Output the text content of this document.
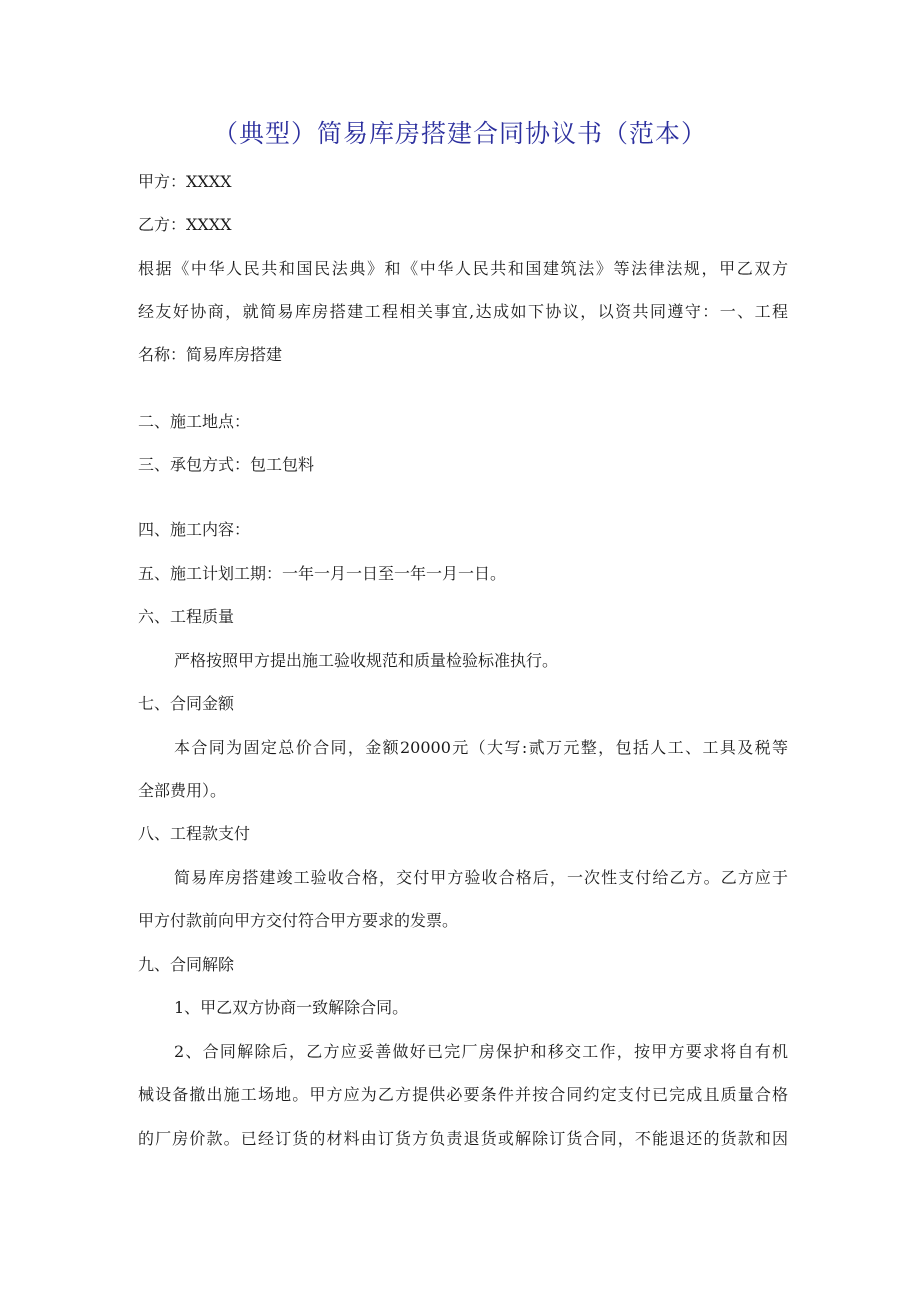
（典型）简易库房搭建合同协议书（范本）
甲方：XXXX
乙方：XXXX
根据《中华人民共和国民法典》和《中华人民共和国建筑法》等法律法规，甲乙双方
经友好协商，就简易库房搭建工程相关事宜,达成如下协议，以资共同遵守：一、工程
名称：简易库房搭建
二、施工地点：
三、承包方式：包工包料
四、施工内容：
五、施工计划工期：一年一月一日至一年一月一日。
六、工程质量
严格按照甲方提出施工验收规范和质量检验标准执行。
七、合同金额
本合同为固定总价合同，金额20000元（大写:贰万元整，包括人工、工具及税等
全部费用）。
八、工程款支付
简易库房搭建竣工验收合格，交付甲方验收合格后，一次性支付给乙方。乙方应于
甲方付款前向甲方交付符合甲方要求的发票。
九、合同解除
1、甲乙双方协商一致解除合同。
2、合同解除后，乙方应妥善做好已完厂房保护和移交工作，按甲方要求将自有机
械设备撤出施工场地。甲方应为乙方提供必要条件并按合同约定支付已完成且质量合格
的厂房价款。已经订货的材料由订货方负责退货或解除订货合同，不能退还的货款和因
